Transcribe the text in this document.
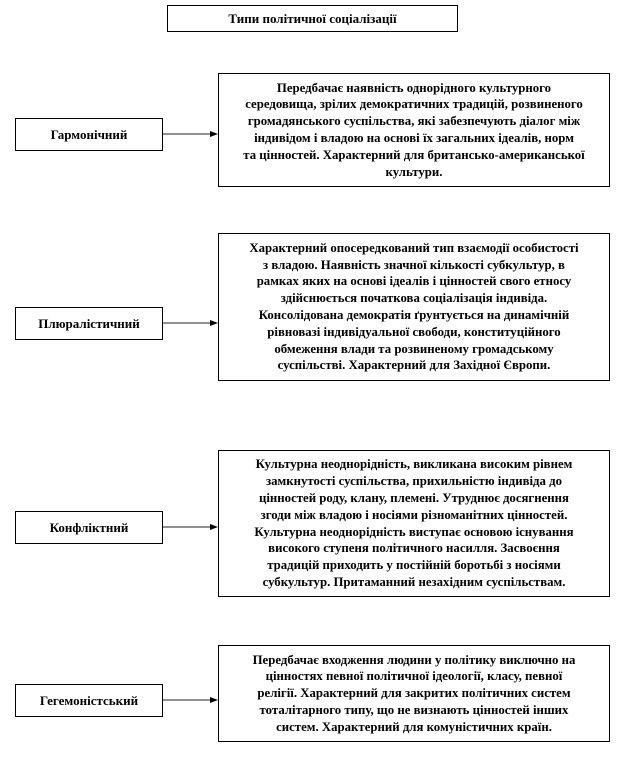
Типи політичної соціалізації
Гармонічний
Плюралістичний
Конфліктний
Гегемоністський
Передбачає наявність однорідного культурного
середовища, зрілих демократичних традицій, розвиненого
громадянського суспільства, які забезпечують діалог між
індивідом і владою на основі їх загальних ідеалів, норм
та цінностей. Характерний для британсько-американської
культури.
Характерний опосередкований тип взаємодії особистості
з владою. Наявність значної кількості субкультур, в
рамках яких на основі ідеалів і цінностей свого етносу
здійснюється початкова соціалізація індивіда.
Консолідована демократія ґрунтується на динамічній
рівновазі індивідуальної свободи, конституційного
обмеження влади та розвиненому громадському
суспільстві. Характерний для Західної Європи.
Культурна неоднорідність, викликана високим рівнем
замкнутості суспільства, прихильністю індивіда до
цінностей роду, клану, племені. Утруднює досягнення
згоди між владою і носіями різноманітних цінностей.
Культурна неоднорідність виступає основою існування
високого ступеня політичного насилля. Засвоєння
традицій приходить у постійній боротьбі з носіями
субкультур. Притаманний незахідним суспільствам.
Передбачає входження людини у політику виключно на
цінностях певної політичної ідеології, класу, певної
релігії. Характерний для закритих політичних систем
тоталітарного типу, що не визнають цінностей інших
систем. Характерний для комуністичних країн.
